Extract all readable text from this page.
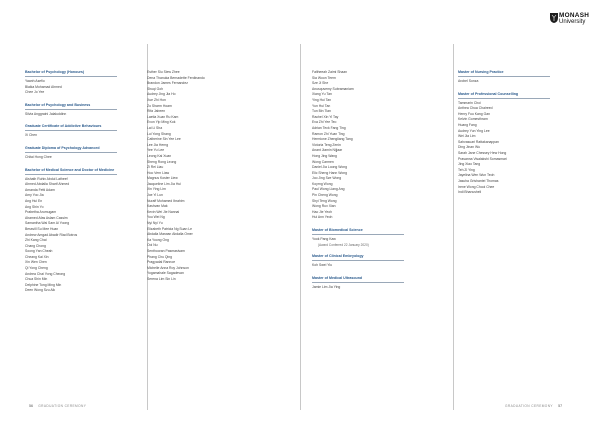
MONASH
University
Bachelor of Psychology (Honours)
Yaanh Asefio
Blaika Mohamad Ahmed
Chee Jo Yee
Bachelor of Psychology and Business
Silvia Anggraini Jalaluddinn
Graduate Certificate of Addictive Behaviours
Xi Chen
Graduate Diploma of Psychology Advanced
Chitai Hong Chee
Bachelor of Medical Science and Doctor of Medicine
Aishath Ruhiv Abdul Latheef
Ahmed Abdalla Sharif Ahmed
Amanda Fetti Adam
Amy Yoo Jia
Ang Hui En
Ang Shin Yo
Prabetha Arumugam
Ahamed Afas Aslam Cassim
Samantha Wai Sam Ai Yoong
Bessvill Su Mee Huan
Andrew Amgad Abadir Riad Botros
Zhi Kang Chai
Chang Chong
Soong Yan Cheah
Cheang Kai Xin
Xin Wen Chen
Qi Yong Cheng
Andrea Chai Yong Cheong
Chua Shin Min
Delphine Tong Ming Min
Deen Wong Szu Aik
Esther Siu Siew Zhee
Dena Thanuka Bernadette Ferdinando
Brandon James Fernandez
Shuqi Goh
Audrey Jing Jia Ho
Xue Zhi Hon
Zo Sharm Hoam
Rifa Jabeen
Laetia Xuan Ru Kam
Evon Yip Ming Kok
Lai Li Sha
Lui Yong Shang
Catherine Sin Yee Lee
Lee Jia Herng
Yee Yu Lee
Leong Kai Xuan
Sheng Rong Leong
Zi Rei Liau
Hoo Vern Liaw
Magnus Koster Liew
Jacqueline Lim Jia Hui
Xin Ying Lim
Joe Yi Lun
Nuraff Mohamed Ibrahim
Kashvan Mak
Kevin Wei Jie Nannai
You Wei Ng
Nyi Nyi Yu
Elizabeth Patricia Ng Suan Le
Abdalla Marwan Abdalla Omer
Ka Yoong Ong
Ooi Nu
Senthooran Pasmasivam
Phang Chu Qing
Pragyadal Rannoe
Michelle Anna Roy Johnson
Yogamahale Sagadevan
Serena Lim Sin Lin
Faltheeah Zaimi Shaan
Sia Woon Teem
Sze Ji She
Anusquvemy Subramaniam
Xiang Yu Tan
Ying Hui Tan
Yun Hui Tan
Tun Bin Tian
Rachel Xin Yi Tay
Eva Zhi Yee Teo
Adrian Teck Fang Ting
Ramon Zhi Yuan Ting
Hermione Zhengliang Tang
Victoria Teng Zenin
Anant Jiamin Nijjaar
Hong Jing Wang
Wong Carmen
Daniel Jia Loong Wong
Elic Sheng Hann Wong
Joo Jing Sze Wong
Koyrng Wong
Paul Wong Liang Ang
Pin Cheng Wong
Shyi Teng Wong
Wong Rux Xian
Hao Jie Yeoh
Hui Ann Yeoh
Master of Biomedical Science
Yook Pang Kaw
(Award Conferred 22 January 2020)
Master of Clinical Embryology
Koh Swei Yiu
Master of Medical Ultrasound
Jamie Lim Jia Ying
Master of Nursing Practice
Arobel Sonza
Master of Professional Counselling
Tammarin Choi
Anthea Chua Chaireed
Henry Fuu Kang Gan
Kelvin Gomesthram
Huang Fang
Audrey Yun Ying Lee
Wei Jia Lim
Sahvasuari Rattakanappan
Ding Jinan Wu
Sarah Jane Chessey Hew Hong
Prasanna Visalakshi Somasmari
Jing Xiao Tang
Teh Zi Ying
Jayelina Wen Wun Teoh
Jasuha Grishantei Thomas
Irene Wong Chooi Chee
Indi Bhanusheli
56 GRADUATION CEREMONY	GRADUATION CEREMONY 57
